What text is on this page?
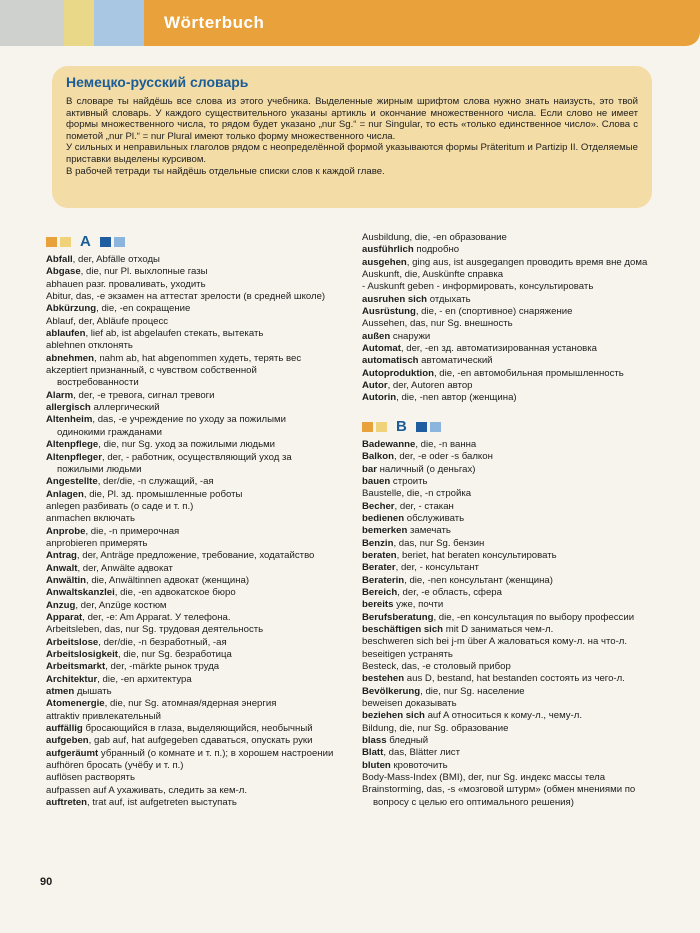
Wörterbuch
Немецко-русский словарь

В словаре ты найдёшь все слова из этого учебника. Выделенные жирным шрифтом слова нужно знать наизусть, это твой активный словарь. У каждого существительного указаны артикль и окончание множественного числа. Если слово не имеет формы множественного числа, то рядом будет указано „nur Sg.“ = nur Singular, то есть «только единственное число». Слова с пометой „nur Pl.“ = nur Plural имеют только форму множественного числа.

У сильных и неправильных глаголов рядом с неопределённой формой указываются формы Präteritum и Partizip II. Отделяемые приставки выделены курсивом.

В рабочей тетради ты найдёшь отдельные списки слов к каждой главе.

A
Abfall, der, Abfälle отходы
Abgase, die, nur Pl. выхлопные газы
abhauen разг. проваливать, уходить
Abitur, das, -e экзамен на аттестат зрелости (в средней школе)
Abkürzung, die, -en сокращение
Ablauf, der, Abläufe процесс
ablaufen, lief ab, ist abgelaufen стекать, вытекать
ablehnen отклонять
abnehmen, nahm ab, hat abgenommen худеть, терять вес
akzeptiert признанный, с чувством собственной востребованности
Alarm, der, -e тревога, сигнал тревоги
allergisch аллергический
Altenheim, das, -e учреждение по уходу за пожилыми одинокими гражданами
Altenpflege, die, nur Sg. уход за пожилыми людьми
Altenpfleger, der, - работник, осуществляющий уход за пожилыми людьми
Angestellte, der/die, -n служащий, -ая
Anlagen, die, Pl. зд. промышленные роботы
anlegen разбивать (о саде и т. п.)
anmachen включать
Anprobe, die, -n примерочная
anprobieren примерять
Antrag, der, Anträge предложение, требование, ходатайство
Anwalt, der, Anwälte адвокат
Anwältin, die, Anwältinnen адвокат (женщина)
Anwaltskanzlei, die, -en адвокатское бюро
Anzug, der, Anzüge костюм
Apparat, der, -e: Am Apparat. У телефона.
Arbeitsleben, das, nur Sg. трудовая деятельность
Arbeitslose, der/die, -n безработный, -ая
Arbeitslosigkeit, die, nur Sg. безработица
Arbeitsmarkt, der, -märkte рынок труда
Architektur, die, -en архитектура
atmen дышать
Atomenergie, die, nur Sg. атомная/ядерная энергия
attraktiv привлекательный
auffällig бросающийся в глаза, выделяющийся, необычный
aufgeben, gab auf, hat aufgegeben сдаваться, опускать руки
aufgeräumt убранный (о комнате и т. п.); в хорошем настроении
aufhören бросать (учёбу и т. п.)
auflösen растворять
aufpassen auf A ухаживать, следить за кем-л.
auftreten, trat auf, ist aufgetreten выступать
Ausbildung, die, -en образование
ausführlich подробно
ausgehen, ging aus, ist ausgegangen проводить время вне дома
Auskunft, die, Auskünfte справка
- Auskunft geben - информировать, консультировать
ausruhen sich отдыхать
Ausrüstung, die, - en (спортивное) снаряжение
Aussehen, das, nur Sg. внешность
außen снаружи
Automat, der, -en зд. автоматизированная установка
automatisch автоматический
Autoproduktion, die, -en автомобильная промышленность
Autor, der, Autoren автор
Autorin, die, -nen автор (женщина)
B
Badewanne, die, -n ванна
Balkon, der, -e oder -s балкон
bar наличный (о деньгах)
bauen строить
Baustelle, die, -n стройка
Becher, der, - стакан
bedienen обслуживать
bemerken замечать
Benzin, das, nur Sg. бензин
beraten, beriet, hat beraten консультировать
Berater, der, - консультант
Beraterin, die, -nen консультант (женщина)
Bereich, der, -e область, сфера
bereits уже, почти
Berufsberatung, die, -en консультация по выбору профессии
beschäftigen sich mit D заниматься чем-л.
beschweren sich bei j-m über A жаловаться кому-л. на что-л.
beseitigen устранять
Besteck, das, -e столовый прибор
bestehen aus D, bestand, hat bestanden состоять из чего-л.
Bevölkerung, die, nur Sg. население
beweisen доказывать
beziehen sich auf A относиться к кому-л., чему-л.
Bildung, die, nur Sg. образование
blass бледный
Blatt, das, Blätter лист
bluten кровоточить
Body-Mass-Index (BMI), der, nur Sg. индекс массы тела
Brainstorming, das, -s «мозговой штурм» (обмен мнениями по вопросу с целью его оптимального решения)
90
